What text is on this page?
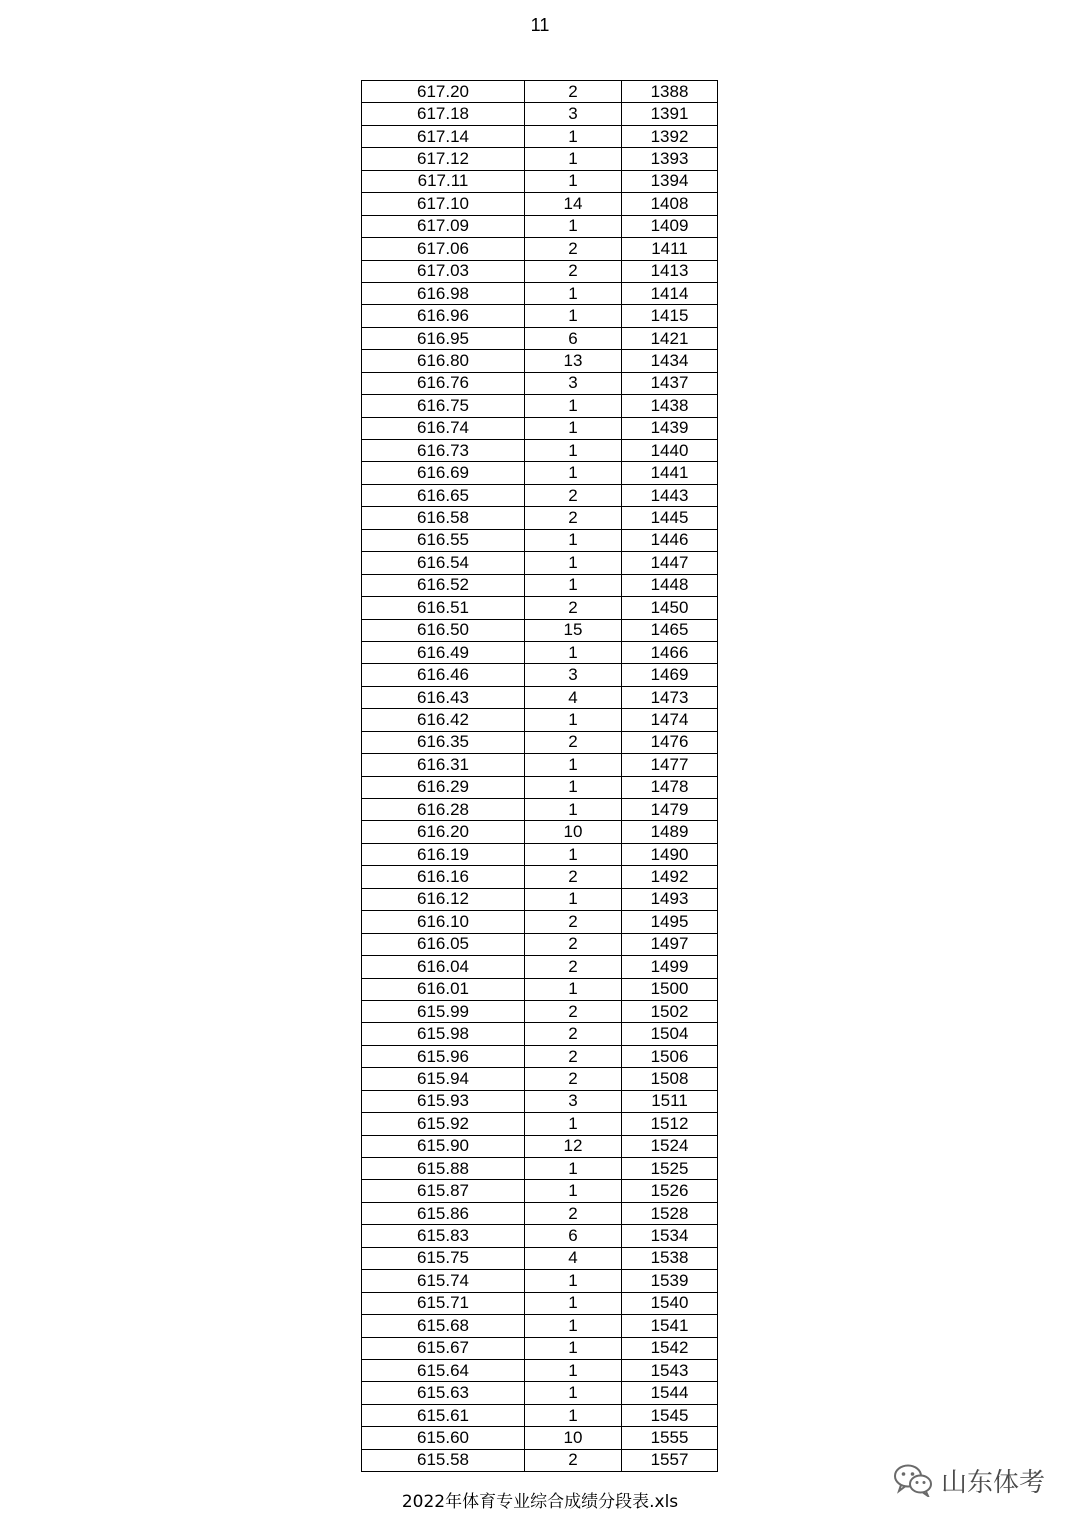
11
617.20	2	1388
617.18	3	1391
617.14	1	1392
617.12	1	1393
617.11	1	1394
617.10	14	1408
617.09	1	1409
617.06	2	1411
617.03	2	1413
616.98	1	1414
616.96	1	1415
616.95	6	1421
616.80	13	1434
616.76	3	1437
616.75	1	1438
616.74	1	1439
616.73	1	1440
616.69	1	1441
616.65	2	1443
616.58	2	1445
616.55	1	1446
616.54	1	1447
616.52	1	1448
616.51	2	1450
616.50	15	1465
616.49	1	1466
616.46	3	1469
616.43	4	1473
616.42	1	1474
616.35	2	1476
616.31	1	1477
616.29	1	1478
616.28	1	1479
616.20	10	1489
616.19	1	1490
616.16	2	1492
616.12	1	1493
616.10	2	1495
616.05	2	1497
616.04	2	1499
616.01	1	1500
615.99	2	1502
615.98	2	1504
615.96	2	1506
615.94	2	1508
615.93	3	1511
615.92	1	1512
615.90	12	1524
615.88	1	1525
615.87	1	1526
615.86	2	1528
615.83	6	1534
615.75	4	1538
615.74	1	1539
615.71	1	1540
615.68	1	1541
615.67	1	1542
615.64	1	1543
615.63	1	1544
615.61	1	1545
615.60	10	1555
615.58	2	1557
山东体考
2022年体育专业综合成绩分段表.xls
